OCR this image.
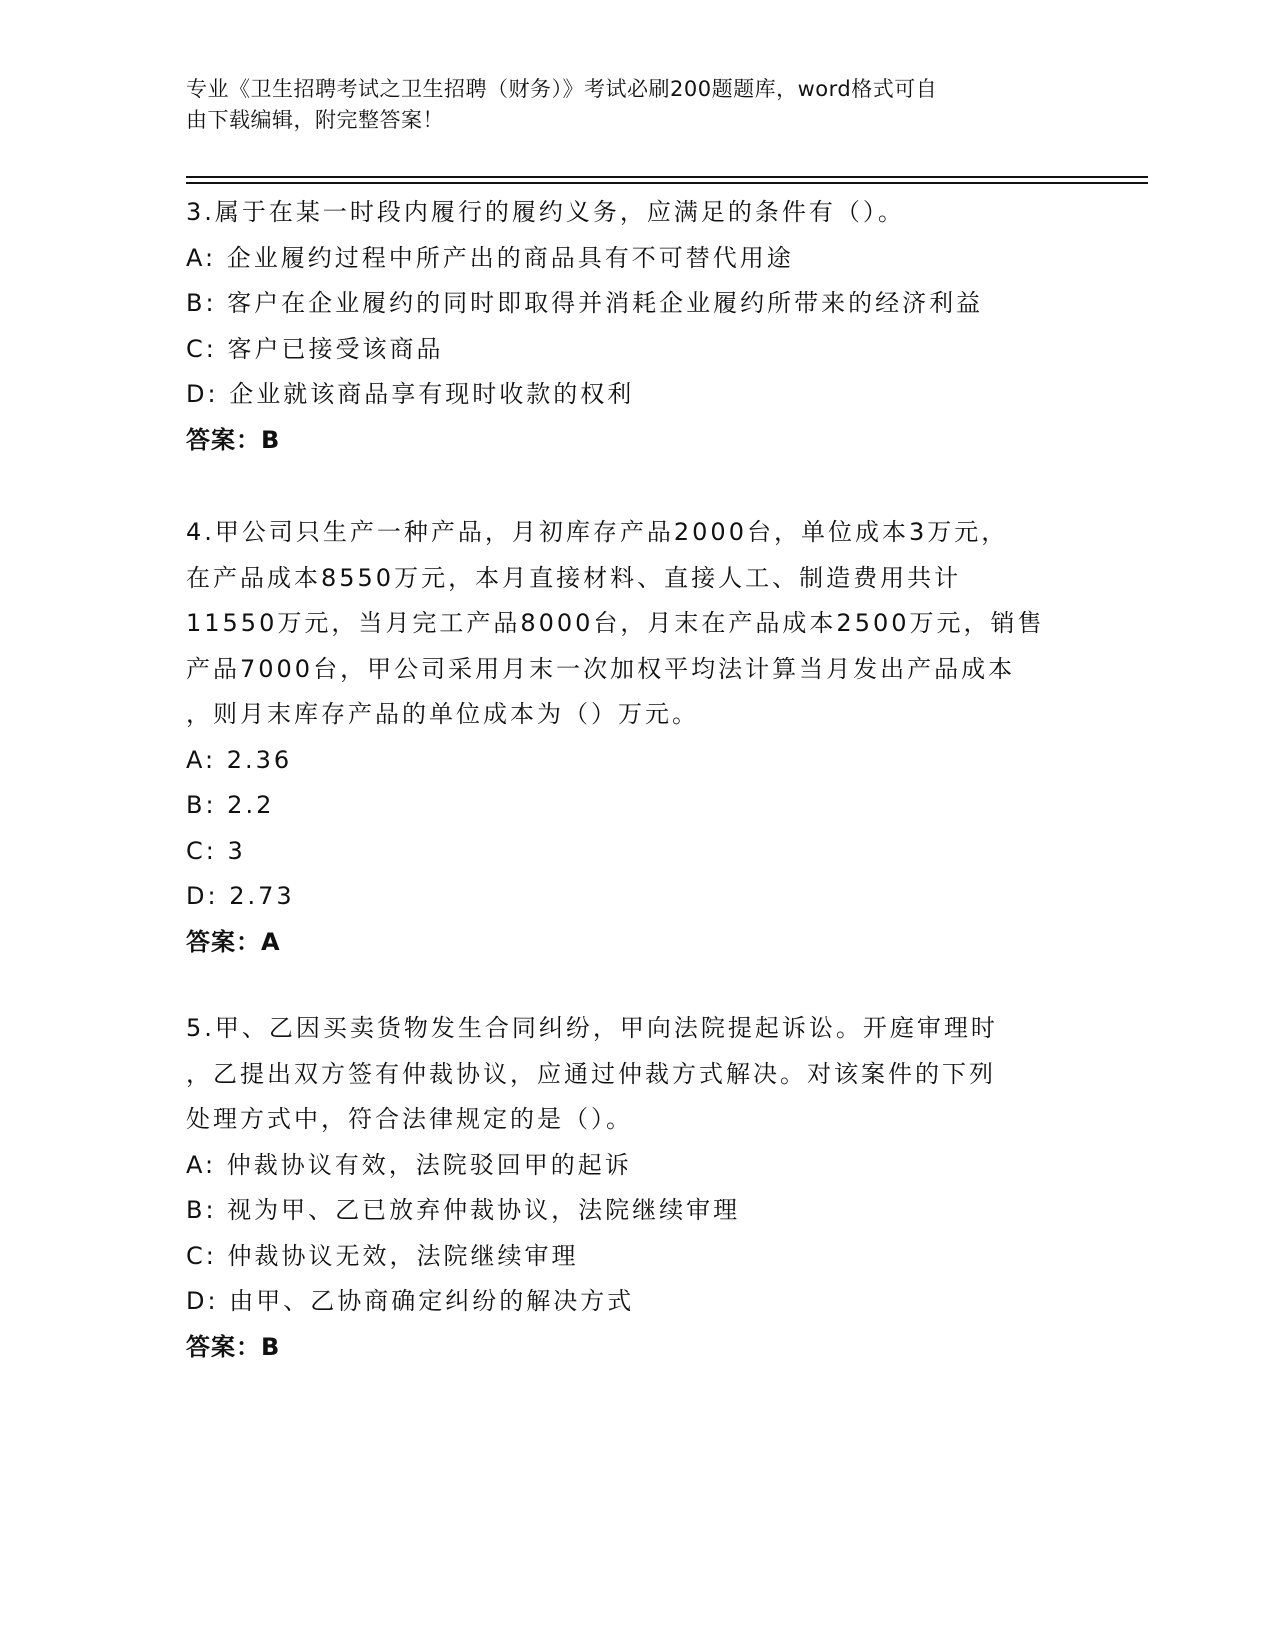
专业《卫生招聘考试之卫生招聘（财务）》考试必刷200题题库，word格式可自
由下载编辑，附完整答案！
3.属于在某一时段内履行的履约义务，应满足的条件有（）。
A: 企业履约过程中所产出的商品具有不可替代用途
B: 客户在企业履约的同时即取得并消耗企业履约所带来的经济利益
C: 客户已接受该商品
D: 企业就该商品享有现时收款的权利
答案：B
4.甲公司只生产一种产品，月初库存产品2000台，单位成本3万元，
在产品成本8550万元，本月直接材料、直接人工、制造费用共计
11550万元，当月完工产品8000台，月末在产品成本2500万元，销售
产品7000台，甲公司采用月末一次加权平均法计算当月发出产品成本
，则月末库存产品的单位成本为（）万元。
A: 2.36
B: 2.2
C: 3
D: 2.73
答案：A
5.甲、乙因买卖货物发生合同纠纷，甲向法院提起诉讼。开庭审理时
，乙提出双方签有仲裁协议，应通过仲裁方式解决。对该案件的下列
处理方式中，符合法律规定的是（）。
A: 仲裁协议有效，法院驳回甲的起诉
B: 视为甲、乙已放弃仲裁协议，法院继续审理
C: 仲裁协议无效，法院继续审理
D: 由甲、乙协商确定纠纷的解决方式
答案：B
